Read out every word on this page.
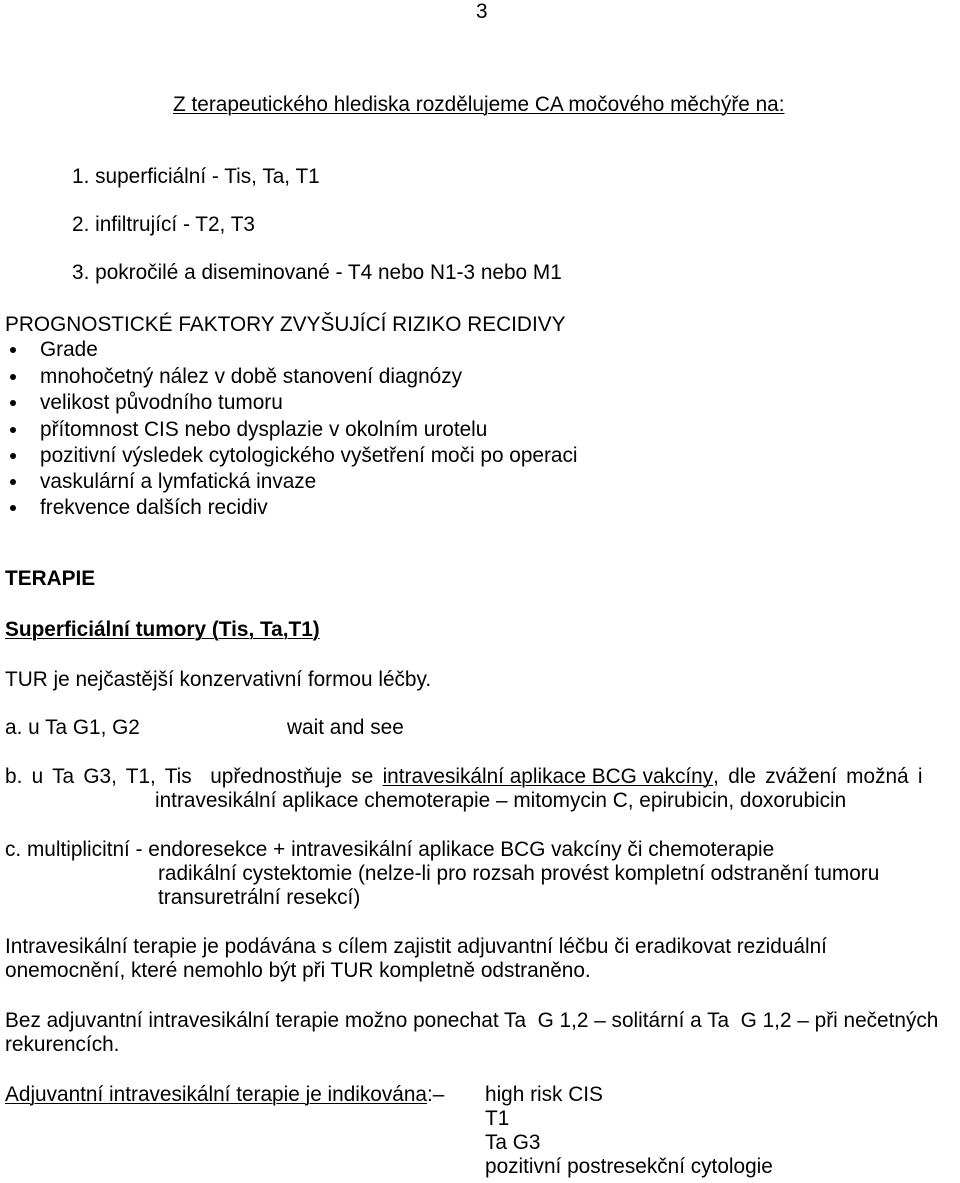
3
Z terapeutického hlediska rozdělujeme CA močového měchýře na:
1. superficiální - Tis, Ta, T1
2. infiltrující - T2, T3
3. pokročilé a diseminované - T4 nebo N1-3 nebo M1
PROGNOSTICKÉ FAKTORY ZVYŠUJÍCÍ RIZIKO RECIDIVY
Grade
mnohočetný nález v době stanovení diagnózy
velikost původního tumoru
přítomnost CIS nebo dysplazie v okolním urotelu
pozitivní výsledek cytologického vyšetření moči po operaci
vaskulární a lymfatická invaze
frekvence dalších recidiv
TERAPIE
Superficiální tumory (Tis, Ta,T1)
TUR je nejčastější konzervativní formou léčby.
a. u Ta G1, G2	wait and see
b. u Ta G3, T1, Tis  upřednostňuje se intravesikální aplikace BCG vakcíny, dle zvážení možná i
intravesikální aplikace chemoterapie – mitomycin C, epirubicin, doxorubicin
c. multiplicitní - endoresekce + intravesikální aplikace BCG vakcíny či chemoterapie
radikální cystektomie (nelze-li pro rozsah provést kompletní odstranění tumoru
transuretrální resekcí)
Intravesikální terapie je podávána s cílem zajistit adjuvantní léčbu či eradikovat reziduální
onemocnění, které nemohlo být při TUR kompletně odstraněno.
Bez adjuvantní intravesikální terapie možno ponechat Ta  G 1,2 – solitární a Ta  G 1,2 – při nečetných
rekurencích.
Adjuvantní intravesikální terapie je indikována:– high risk CIS
T1
Ta G3
pozitivní postresekční cytologie
